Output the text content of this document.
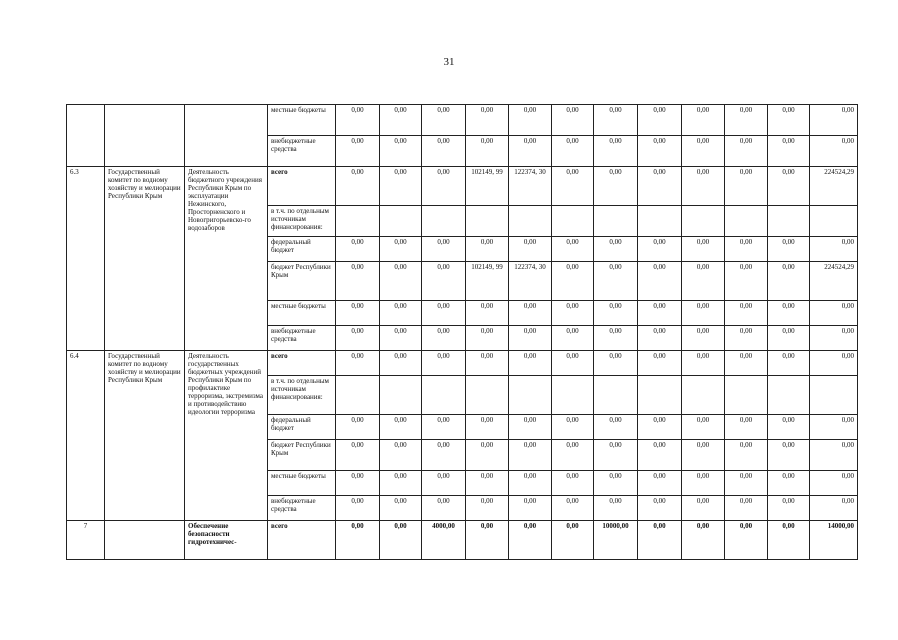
31
			местные бюджеты	0,00	0,00	0,00	0,00	0,00	0,00	0,00	0,00	0,00	0,00	0,00	0,00
			внебюджетные средства	0,00	0,00	0,00	0,00	0,00	0,00	0,00	0,00	0,00	0,00	0,00	0,00
6.3	Государственный комитет по водному хозяйству и мелиорации Республики Крым	Деятельность бюджетного учреждения Республики Крым по эксплуатации Нежинского, Просторненского и Новогригорьевско-го водозаборов	всего	0,00	0,00	0,00	102149, 99	122374, 30	0,00	0,00	0,00	0,00	0,00	0,00	224524,29
			в т.ч. по отдельным источникам финансирования:												
			федеральный бюджет	0,00	0,00	0,00	0,00	0,00	0,00	0,00	0,00	0,00	0,00	0,00	0,00
			бюджет Республики Крым	0,00	0,00	0,00	102149, 99	122374, 30	0,00	0,00	0,00	0,00	0,00	0,00	224524,29
			местные бюджеты	0,00	0,00	0,00	0,00	0,00	0,00	0,00	0,00	0,00	0,00	0,00	0,00
			внебюджетные средства	0,00	0,00	0,00	0,00	0,00	0,00	0,00	0,00	0,00	0,00	0,00	0,00
6.4	Государственный комитет по водному хозяйству и мелиорации Республики Крым	Деятельность государственных бюджетных учреждений Республики Крым по профилактике терроризма, экстремизма и противодействию идеологии терроризма	всего	0,00	0,00	0,00	0,00	0,00	0,00	0,00	0,00	0,00	0,00	0,00	0,00
			в т.ч. по отдельным источникам финансирования:												
			федеральный бюджет	0,00	0,00	0,00	0,00	0,00	0,00	0,00	0,00	0,00	0,00	0,00	0,00
			бюджет Республики Крым	0,00	0,00	0,00	0,00	0,00	0,00	0,00	0,00	0,00	0,00	0,00	0,00
			местные бюджеты	0,00	0,00	0,00	0,00	0,00	0,00	0,00	0,00	0,00	0,00	0,00	0,00
			внебюджетные средства	0,00	0,00	0,00	0,00	0,00	0,00	0,00	0,00	0,00	0,00	0,00	0,00
7		Обеспечение безопасности гидротехничес-	всего	0,00	0,00	4000,00	0,00	0,00	0,00	10000,00	0,00	0,00	0,00	0,00	14000,00
